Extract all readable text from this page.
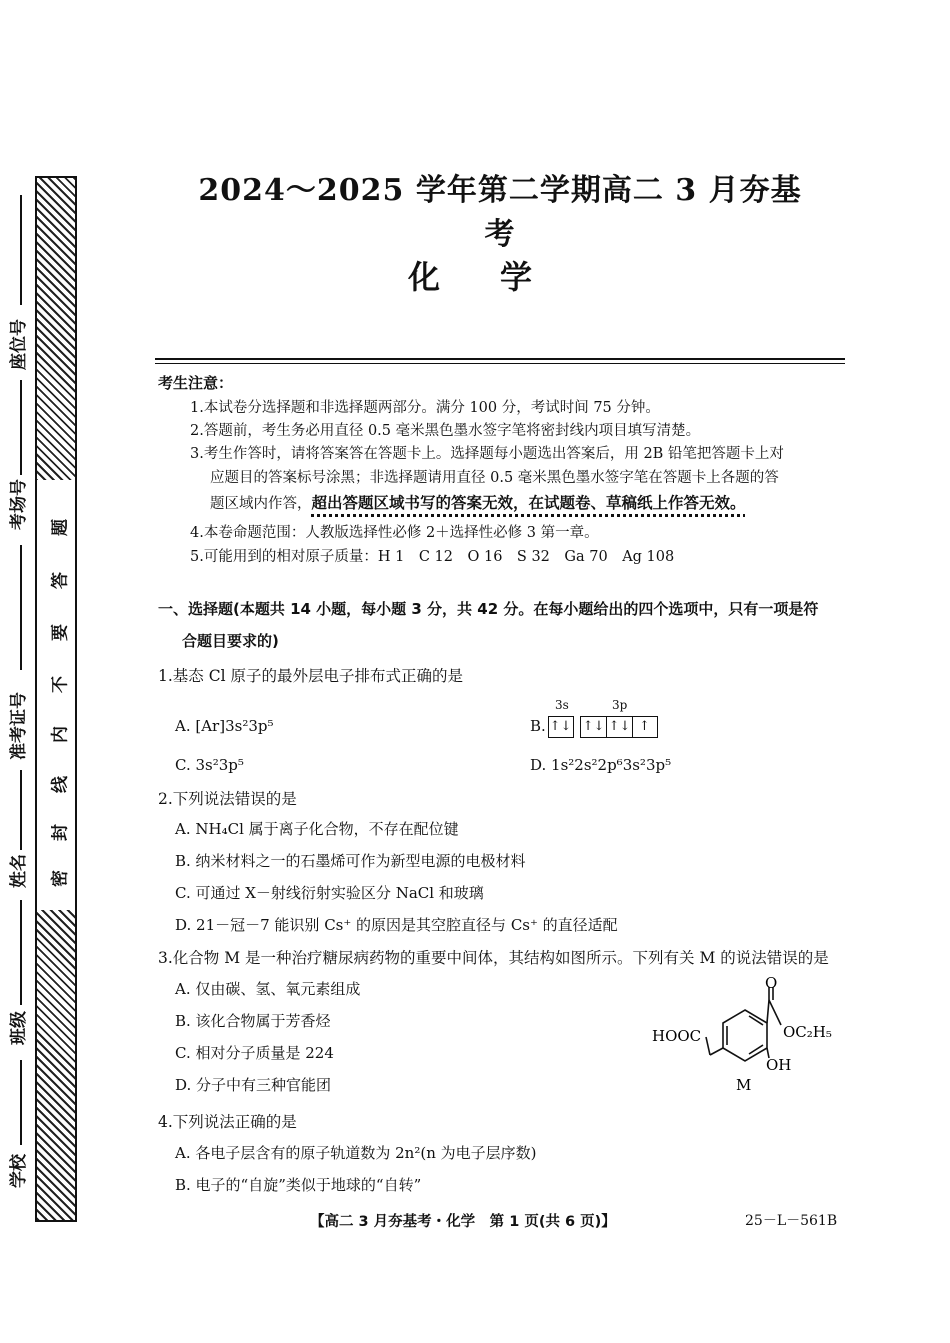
题
答
要
不
内
线
封
密
座位号
考场号
准考证号
姓名
班级
学校
2024～2025 学年第二学期高二 3 月夯基考
化学
考生注意：
1.本试卷分选择题和非选择题两部分。满分 100 分，考试时间 75 分钟。
2.答题前，考生务必用直径 0.5 毫米黑色墨水签字笔将密封线内项目填写清楚。
3.考生作答时，请将答案答在答题卡上。选择题每小题选出答案后，用 2B 铅笔把答题卡上对
应题目的答案标号涂黑；非选择题请用直径 0.5 毫米黑色墨水签字笔在答题卡上各题的答
题区域内作答，超出答题区域书写的答案无效，在试题卷、草稿纸上作答无效。
4.本卷命题范围：人教版选择性必修 2＋选择性必修 3 第一章。
5.可能用到的相对原子质量：H 1　C 12　O 16　S 32　Ga 70　Ag 108
一、选择题(本题共 14 小题，每小题 3 分，共 42 分。在每小题给出的四个选项中，只有一项是符
合题目要求的)
1.基态 Cl 原子的最外层电子排布式正确的是
A. [Ar]3s²3p⁵	B.
3s	3p
↑↓ ↑↓ ↑↓ ↑
C. 3s²3p⁵	D. 1s²2s²2p⁶3s²3p⁵
2.下列说法错误的是
A. NH₄Cl 属于离子化合物，不存在配位键
B. 纳米材料之一的石墨烯可作为新型电源的电极材料
C. 可通过 X－射线衍射实验区分 NaCl 和玻璃
D. 21－冠－7 能识别 Cs⁺ 的原因是其空腔直径与 Cs⁺ 的直径适配
3.化合物 M 是一种治疗糖尿病药物的重要中间体，其结构如图所示。下列有关 M 的说法错误的是
A. 仅由碳、氢、氧元素组成
B. 该化合物属于芳香烃
C. 相对分子质量是 224
D. 分子中有三种官能团
HOOC
O
OC₂H₅
OH
M
4.下列说法正确的是
A. 各电子层含有的原子轨道数为 2n²(n 为电子层序数)
B. 电子的“自旋”类似于地球的“自转”
【高二 3 月夯基考・化学　第 1 页(共 6 页)】	25－L－561B
